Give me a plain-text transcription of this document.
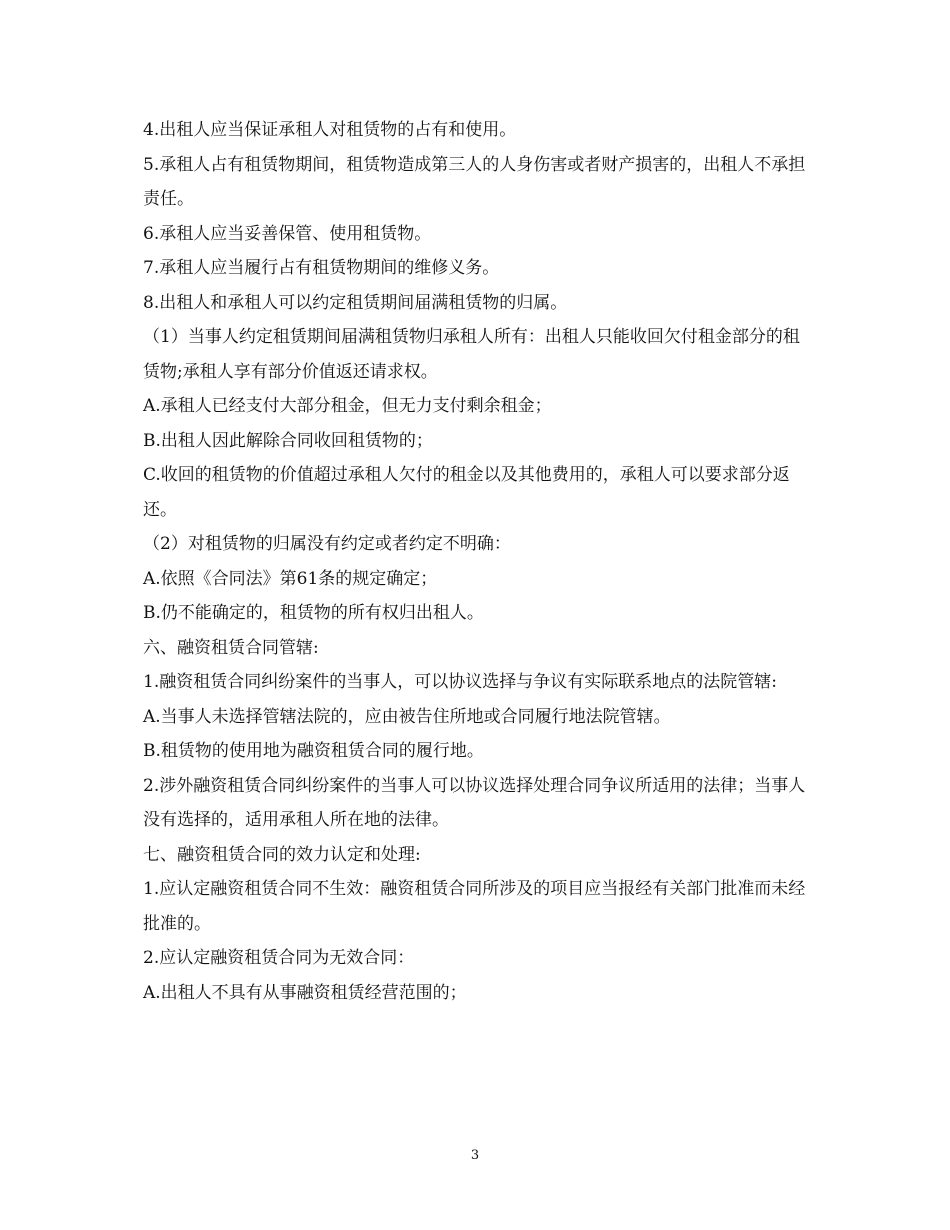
4.出租人应当保证承租人对租赁物的占有和使用。

5.承租人占有租赁物期间，租赁物造成第三人的人身伤害或者财产损害的，出租人不承担责任。

6.承租人应当妥善保管、使用租赁物。

7.承租人应当履行占有租赁物期间的维修义务。

8.出租人和承租人可以约定租赁期间届满租赁物的归属。

（1）当事人约定租赁期间届满租赁物归承租人所有：出租人只能收回欠付租金部分的租赁物;承租人享有部分价值返还请求权。

A.承租人已经支付大部分租金，但无力支付剩余租金；

B.出租人因此解除合同收回租赁物的；

C.收回的租赁物的价值超过承租人欠付的租金以及其他费用的，承租人可以要求部分返还。

（2）对租赁物的归属没有约定或者约定不明确：

A.依照《合同法》第61条的规定确定；

B.仍不能确定的，租赁物的所有权归出租人。

六、融资租赁合同管辖:

1.融资租赁合同纠纷案件的当事人，可以协议选择与争议有实际联系地点的法院管辖:

A.当事人未选择管辖法院的，应由被告住所地或合同履行地法院管辖。

B.租赁物的使用地为融资租赁合同的履行地。

2.涉外融资租赁合同纠纷案件的当事人可以协议选择处理合同争议所适用的法律；当事人没有选择的，适用承租人所在地的法律。

七、融资租赁合同的效力认定和处理:

1.应认定融资租赁合同不生效：融资租赁合同所涉及的项目应当报经有关部门批准而未经批准的。

2.应认定融资租赁合同为无效合同：

A.出租人不具有从事融资租赁经营范围的；

3
